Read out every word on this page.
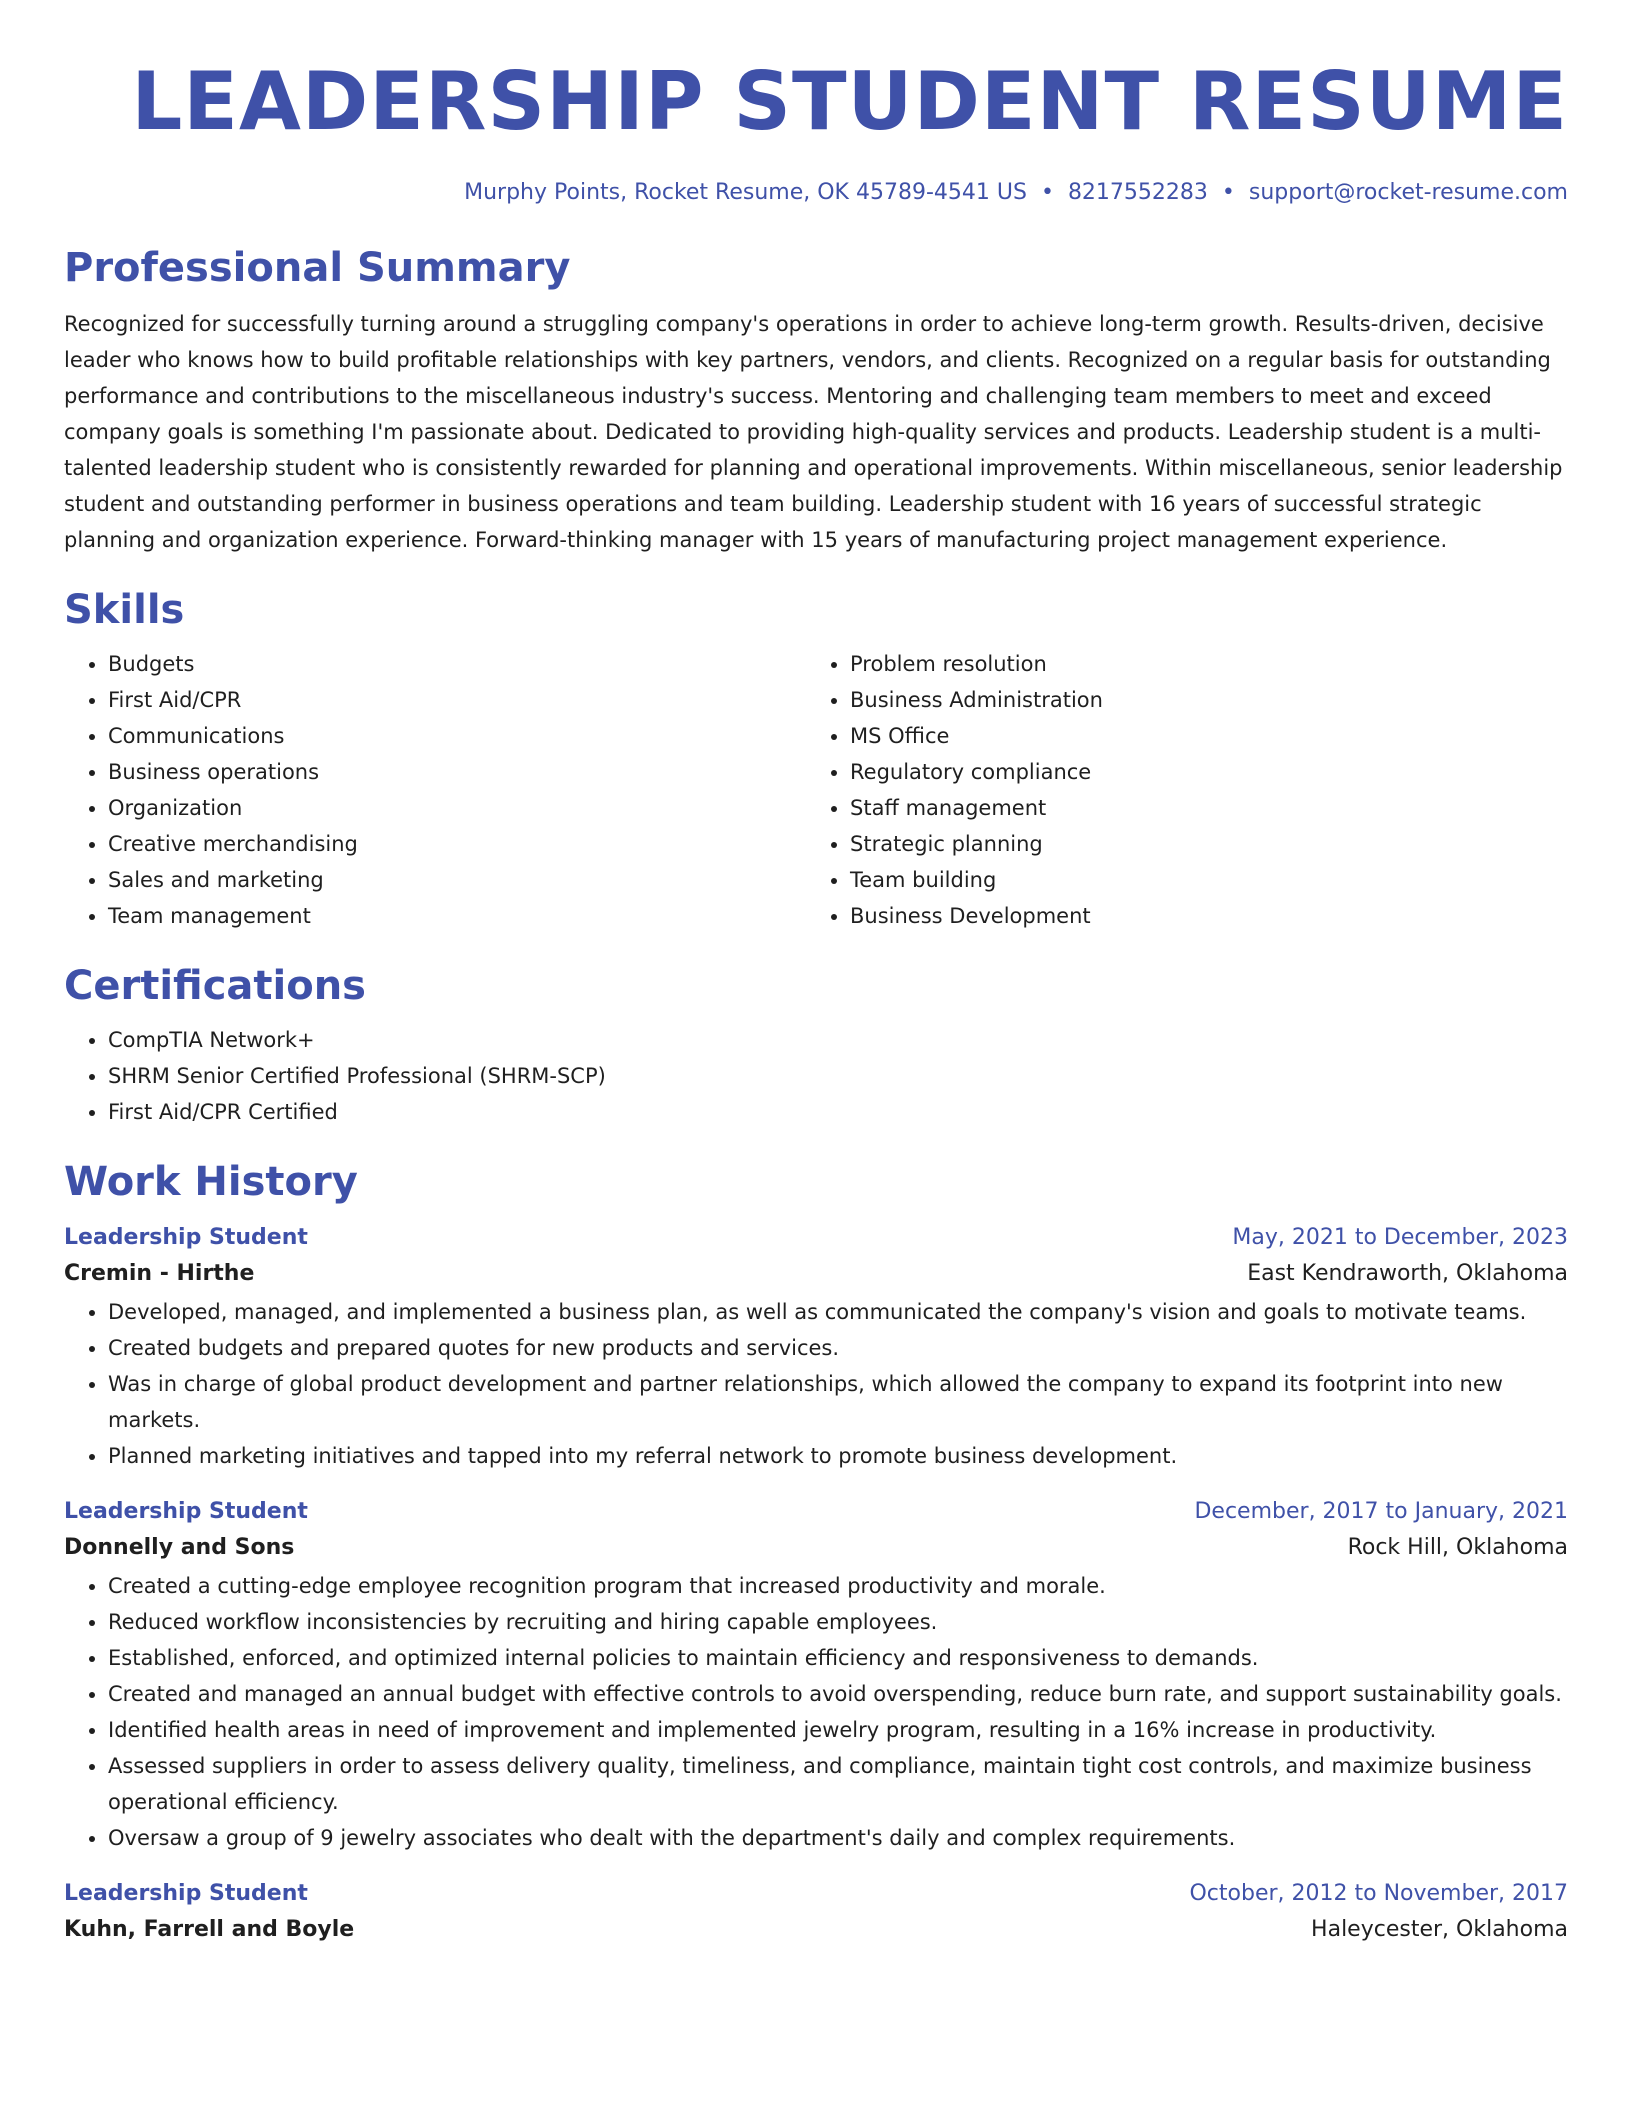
LEADERSHIP STUDENT RESUME
Murphy Points, Rocket Resume, OK 45789-4541 US • 8217552283 • support@rocket-resume.com
Professional Summary
Recognized for successfully turning around a struggling company's operations in order to achieve long-term growth. Results-driven, decisive leader who knows how to build profitable relationships with key partners, vendors, and clients. Recognized on a regular basis for outstanding performance and contributions to the miscellaneous industry's success. Mentoring and challenging team members to meet and exceed company goals is something I'm passionate about. Dedicated to providing high-quality services and products. Leadership student is a multi-talented leadership student who is consistently rewarded for planning and operational improvements. Within miscellaneous, senior leadership student and outstanding performer in business operations and team building. Leadership student with 16 years of successful strategic planning and organization experience. Forward-thinking manager with 15 years of manufacturing project management experience.
Skills
• Budgets
• First Aid/CPR
• Communications
• Business operations
• Organization
• Creative merchandising
• Sales and marketing
• Team management
• Problem resolution
• Business Administration
• MS Office
• Regulatory compliance
• Staff management
• Strategic planning
• Team building
• Business Development
Certifications
• CompTIA Network+
• SHRM Senior Certified Professional (SHRM-SCP)
• First Aid/CPR Certified
Work History
Leadership Student	May, 2021 to December, 2023
Cremin - Hirthe	East Kendraworth, Oklahoma
• Developed, managed, and implemented a business plan, as well as communicated the company's vision and goals to motivate teams.
• Created budgets and prepared quotes for new products and services.
• Was in charge of global product development and partner relationships, which allowed the company to expand its footprint into new markets.
• Planned marketing initiatives and tapped into my referral network to promote business development.
Leadership Student	December, 2017 to January, 2021
Donnelly and Sons	Rock Hill, Oklahoma
• Created a cutting-edge employee recognition program that increased productivity and morale.
• Reduced workflow inconsistencies by recruiting and hiring capable employees.
• Established, enforced, and optimized internal policies to maintain efficiency and responsiveness to demands.
• Created and managed an annual budget with effective controls to avoid overspending, reduce burn rate, and support sustainability goals.
• Identified health areas in need of improvement and implemented jewelry program, resulting in a 16% increase in productivity.
• Assessed suppliers in order to assess delivery quality, timeliness, and compliance, maintain tight cost controls, and maximize business operational efficiency.
• Oversaw a group of 9 jewelry associates who dealt with the department's daily and complex requirements.
Leadership Student	October, 2012 to November, 2017
Kuhn, Farrell and Boyle	Haleycester, Oklahoma
